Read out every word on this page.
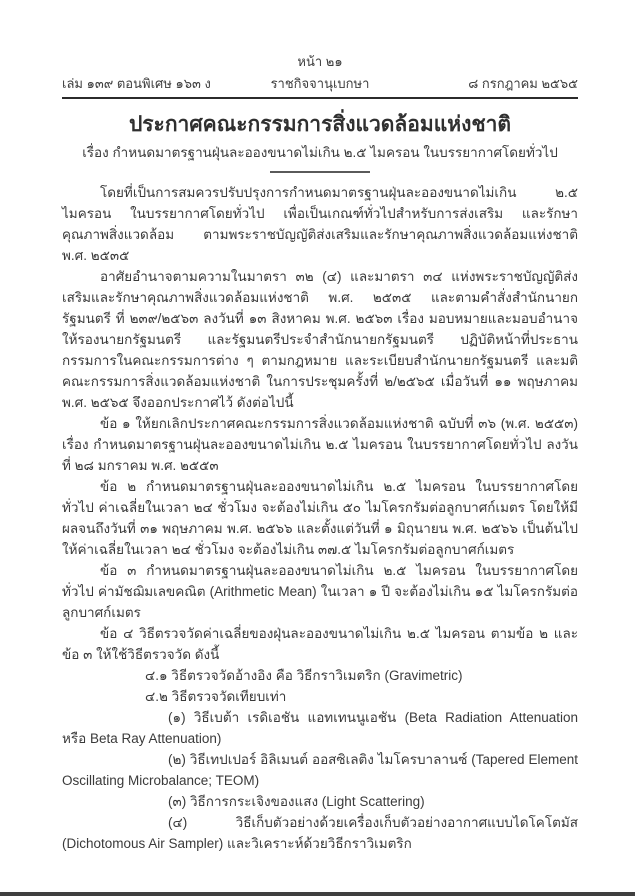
หน้า ๒๑
เล่ม ๑๓๙ ตอนพิเศษ ๑๖๓ ง	ราชกิจจานุเบกษา	๘ กรกฎาคม ๒๕๖๕
ประกาศคณะกรรมการสิ่งแวดล้อมแห่งชาติ
เรื่อง กำหนดมาตรฐานฝุ่นละอองขนาดไม่เกิน ๒.๕ ไมครอน ในบรรยากาศโดยทั่วไป

โดยที่เป็นการสมควรปรับปรุงการกำหนดมาตรฐานฝุ่นละอองขนาดไม่เกิน ๒.๕ ไมครอน ในบรรยากาศโดยทั่วไป เพื่อเป็นเกณฑ์ทั่วไปสำหรับการส่งเสริม และรักษาคุณภาพสิ่งแวดล้อม ตามพระราชบัญญัติส่งเสริมและรักษาคุณภาพสิ่งแวดล้อมแห่งชาติ พ.ศ. ๒๕๓๕

อาศัยอำนาจตามความในมาตรา ๓๒ (๔) และมาตรา ๓๔ แห่งพระราชบัญญัติส่งเสริมและรักษาคุณภาพสิ่งแวดล้อมแห่งชาติ พ.ศ. ๒๕๓๕ และตามคำสั่งสำนักนายกรัฐมนตรี ที่ ๒๓๙/๒๕๖๓ ลงวันที่ ๑๓ สิงหาคม พ.ศ. ๒๕๖๓ เรื่อง มอบหมายและมอบอำนาจให้รองนายกรัฐมนตรี และรัฐมนตรีประจำสำนักนายกรัฐมนตรี ปฏิบัติหน้าที่ประธานกรรมการในคณะกรรมการต่าง ๆ ตามกฎหมาย และระเบียบสำนักนายกรัฐมนตรี และมติคณะกรรมการสิ่งแวดล้อมแห่งชาติ ในการประชุมครั้งที่ ๒/๒๕๖๕ เมื่อวันที่ ๑๑ พฤษภาคม พ.ศ. ๒๕๖๕ จึงออกประกาศไว้ ดังต่อไปนี้

ข้อ ๑ ให้ยกเลิกประกาศคณะกรรมการสิ่งแวดล้อมแห่งชาติ ฉบับที่ ๓๖ (พ.ศ. ๒๕๕๓) เรื่อง กำหนดมาตรฐานฝุ่นละอองขนาดไม่เกิน ๒.๕ ไมครอน ในบรรยากาศโดยทั่วไป ลงวันที่ ๒๘ มกราคม พ.ศ. ๒๕๕๓

ข้อ ๒ กำหนดมาตรฐานฝุ่นละอองขนาดไม่เกิน ๒.๕ ไมครอน ในบรรยากาศโดยทั่วไป ค่าเฉลี่ยในเวลา ๒๔ ชั่วโมง จะต้องไม่เกิน ๕๐ ไมโครกรัมต่อลูกบาศก์เมตร โดยให้มีผลจนถึงวันที่ ๓๑ พฤษภาคม พ.ศ. ๒๕๖๖ และตั้งแต่วันที่ ๑ มิถุนายน พ.ศ. ๒๕๖๖ เป็นต้นไป ให้ค่าเฉลี่ยในเวลา ๒๔ ชั่วโมง จะต้องไม่เกิน ๓๗.๕ ไมโครกรัมต่อลูกบาศก์เมตร

ข้อ ๓ กำหนดมาตรฐานฝุ่นละอองขนาดไม่เกิน ๒.๕ ไมครอน ในบรรยากาศโดยทั่วไป ค่ามัชฌิมเลขคณิต (Arithmetic Mean) ในเวลา ๑ ปี จะต้องไม่เกิน ๑๕ ไมโครกรัมต่อลูกบาศก์เมตร

ข้อ ๔ วิธีตรวจวัดค่าเฉลี่ยของฝุ่นละอองขนาดไม่เกิน ๒.๕ ไมครอน ตามข้อ ๒ และข้อ ๓ ให้ใช้วิธีตรวจวัด ดังนี้

๔.๑ วิธีตรวจวัดอ้างอิง คือ วิธีกราวิเมตริก (Gravimetric)

๔.๒ วิธีตรวจวัดเทียบเท่า

(๑) วิธีเบต้า เรดิเอชัน แอทเทนนูเอชัน (Beta Radiation Attenuation หรือ Beta Ray Attenuation)

(๒) วิธีเทปเปอร์ อิลิเมนต์ ออสซิเลติง ไมโครบาลานซ์ (Tapered Element Oscillating Microbalance; TEOM)

(๓) วิธีการกระเจิงของแสง (Light Scattering)

(๔) วิธีเก็บตัวอย่างด้วยเครื่องเก็บตัวอย่างอากาศแบบไดโคโตมัส (Dichotomous Air Sampler) และวิเคราะห์ด้วยวิธีกราวิเมตริก
